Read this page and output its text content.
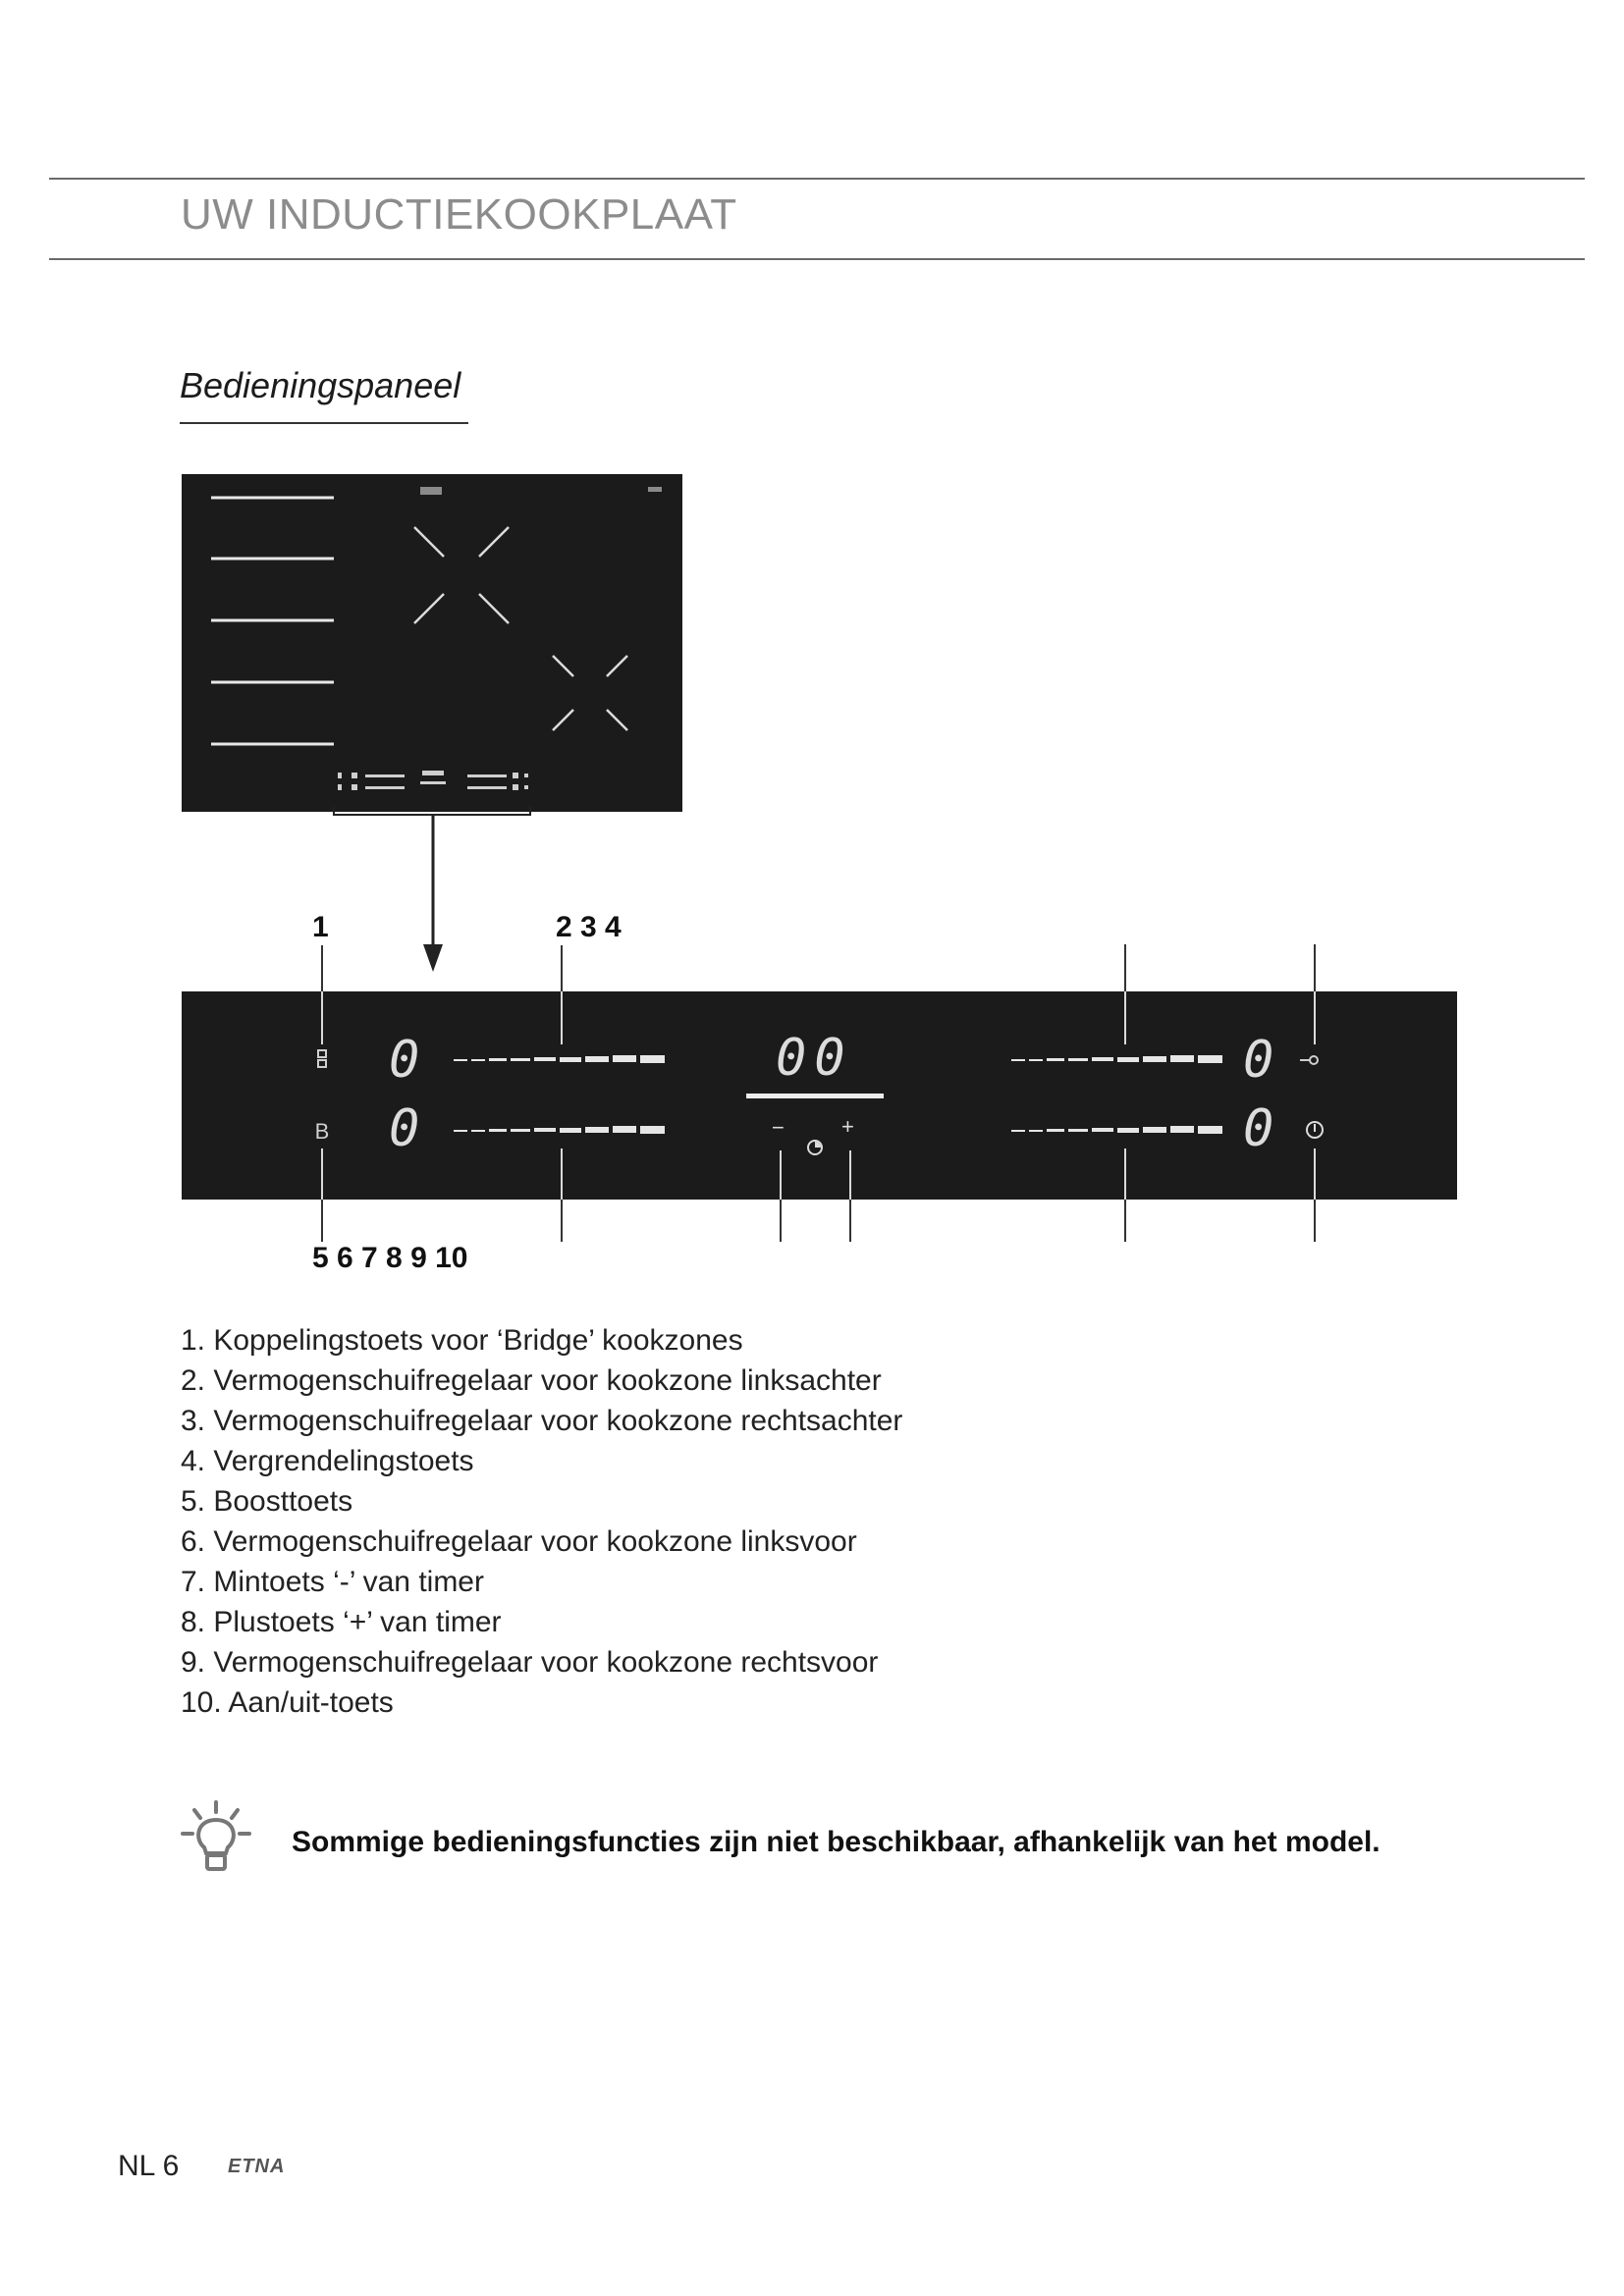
UW INDUCTIEKOOKPLAAT
Bedieningspaneel
1	2 3 4
5 6 7 8 9 10
B
0
0
00	0
0
−	+
1. Koppelingstoets voor ‘Bridge’ kookzones
2. Vermogenschuifregelaar voor kookzone linksachter
3. Vermogenschuifregelaar voor kookzone rechtsachter
4. Vergrendelingstoets
5. Boosttoets
6. Vermogenschuifregelaar voor kookzone linksvoor
7. Mintoets ‘-’ van timer
8. Plustoets ‘+’ van timer
9. Vermogenschuifregelaar voor kookzone rechtsvoor
10. Aan/uit-toets
Sommige bedieningsfuncties zijn niet beschikbaar, afhankelijk van het model.
NL 6 ETNA
